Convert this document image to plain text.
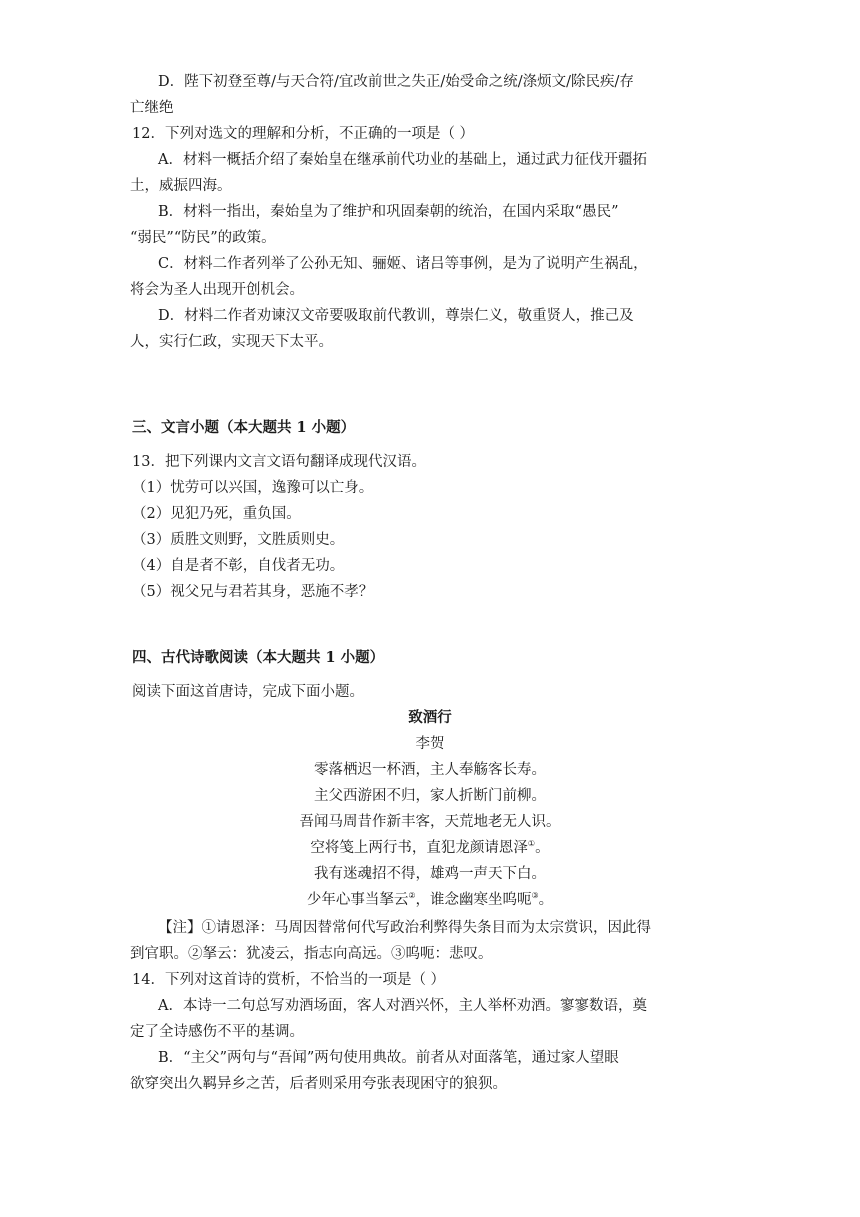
D．陛下初登至尊/与天合符/宜改前世之失正/始受命之统/涤烦文/除民疾/存
亡继绝
12．下列对选文的理解和分析，不正确的一项是（ ）
A．材料一概括介绍了秦始皇在继承前代功业的基础上，通过武力征伐开疆拓
土，威振四海。
B．材料一指出，秦始皇为了维护和巩固秦朝的统治，在国内采取“愚民”
“弱民”“防民”的政策。
C．材料二作者列举了公孙无知、骊姬、诸吕等事例，是为了说明产生祸乱，
将会为圣人出现开创机会。
D．材料二作者劝谏汉文帝要吸取前代教训，尊崇仁义，敬重贤人，推己及
人，实行仁政，实现天下太平。
三、文言小题（本大题共 1 小题）
13．把下列课内文言文语句翻译成现代汉语。
（1）忧劳可以兴国，逸豫可以亡身。
（2）见犯乃死，重负国。
（3）质胜文则野，文胜质则史。
（4）自是者不彰，自伐者无功。
（5）视父兄与君若其身，恶施不孝？
四、古代诗歌阅读（本大题共 1 小题）
阅读下面这首唐诗，完成下面小题。
致酒行
李贺
零落栖迟一杯酒，主人奉觞客长寿。
主父西游困不归，家人折断门前柳。
吾闻马周昔作新丰客，天荒地老无人识。
空将笺上两行书，直犯龙颜请恩泽①。
我有迷魂招不得，雄鸡一声天下白。
少年心事当拏云②，谁念幽寒坐呜呃③。
【注】①请恩泽：马周因替常何代写政治利弊得失条目而为太宗赏识，因此得
到官职。②拏云：犹凌云，指志向高远。③呜呃：悲叹。
14．下列对这首诗的赏析，不恰当的一项是（ ）
A．本诗一二句总写劝酒场面，客人对酒兴怀，主人举杯劝酒。寥寥数语，奠
定了全诗感伤不平的基调。
B．“主父”两句与“吾闻”两句使用典故。前者从对面落笔，通过家人望眼
欲穿突出久羁异乡之苦，后者则采用夸张表现困守的狼狈。
